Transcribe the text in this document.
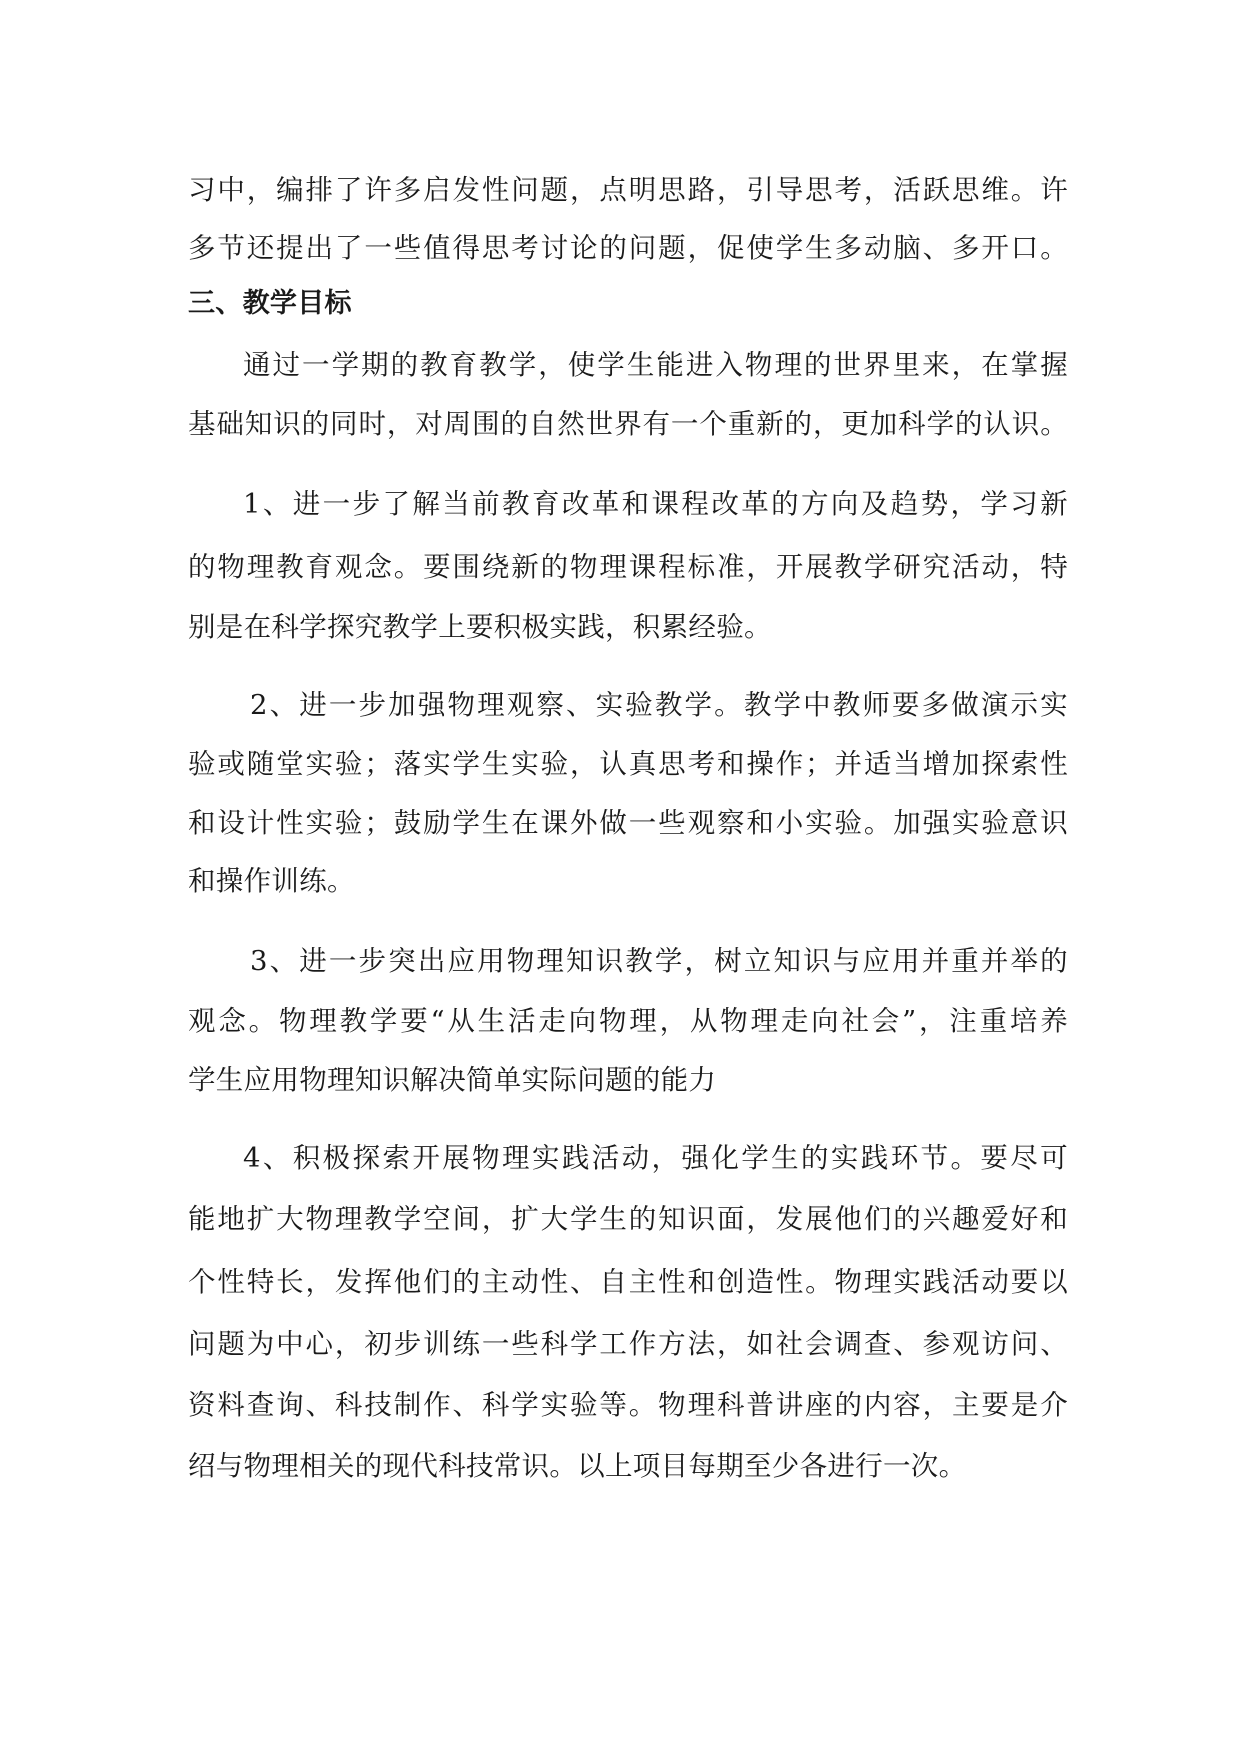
习中，编排了许多启发性问题，点明思路，引导思考，活跃思维。许
多节还提出了一些值得思考讨论的问题，促使学生多动脑、多开口。
三、教学目标
通过一学期的教育教学，使学生能进入物理的世界里来，在掌握
基础知识的同时，对周围的自然世界有一个重新的，更加科学的认识。
1、进一步了解当前教育改革和课程改革的方向及趋势，学习新
的物理教育观念。要围绕新的物理课程标准，开展教学研究活动，特
别是在科学探究教学上要积极实践，积累经验。
2、进一步加强物理观察、实验教学。教学中教师要多做演示实
验或随堂实验；落实学生实验，认真思考和操作；并适当增加探索性
和设计性实验；鼓励学生在课外做一些观察和小实验。加强实验意识
和操作训练。
3、进一步突出应用物理知识教学，树立知识与应用并重并举的
观念。物理教学要“从生活走向物理，从物理走向社会”，注重培养
学生应用物理知识解决简单实际问题的能力
4、积极探索开展物理实践活动，强化学生的实践环节。要尽可
能地扩大物理教学空间，扩大学生的知识面，发展他们的兴趣爱好和
个性特长，发挥他们的主动性、自主性和创造性。物理实践活动要以
问题为中心，初步训练一些科学工作方法，如社会调查、参观访问、
资料查询、科技制作、科学实验等。物理科普讲座的内容，主要是介
绍与物理相关的现代科技常识。以上项目每期至少各进行一次。
